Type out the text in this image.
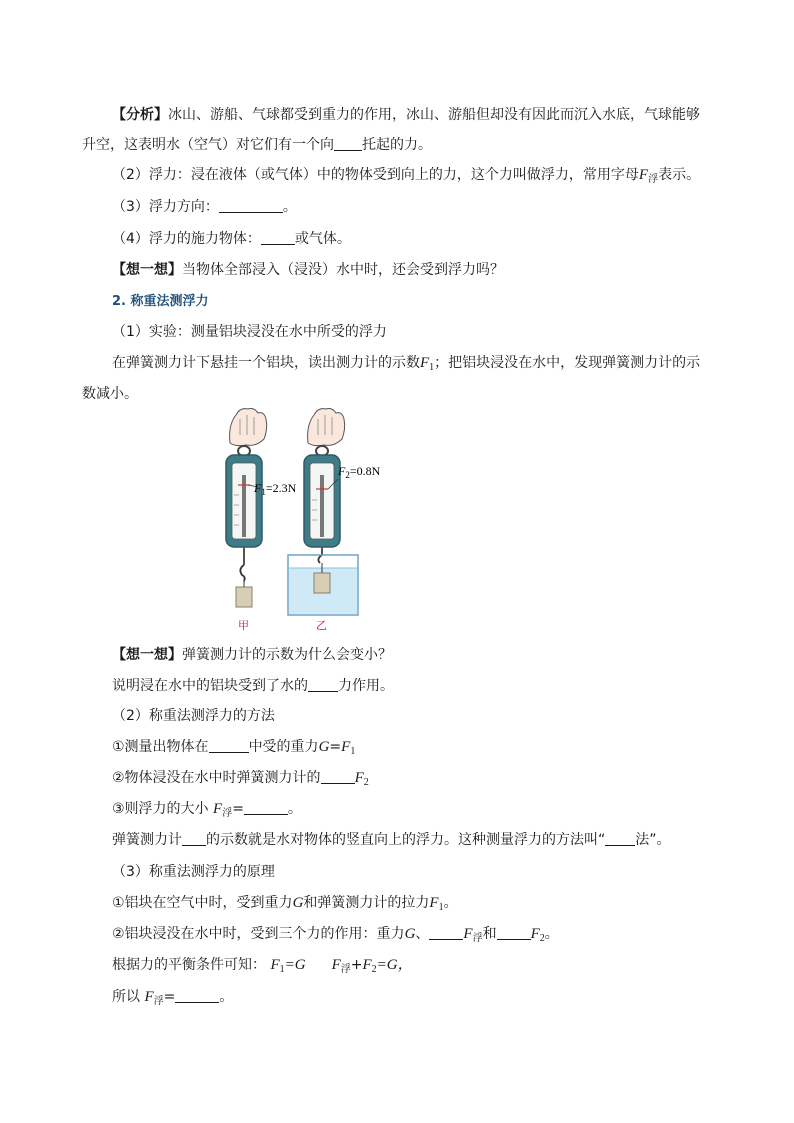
【分析】冰山、游船、气球都受到重力的作用，冰山、游船但却没有因此而沉入水底，气球能够
升空，这表明水（空气）对它们有一个向 托起的力。
（2）浮力：浸在液体（或气体）中的物体受到向上的力，这个力叫做浮力，常用字母$F_浮$表示。
（3）浮力方向：	。
（4）浮力的施力物体： 或气体。
【想一想】当物体全部浸入（浸没）水中时，还会受到浮力吗？
2. 称重法测浮力
（1）实验：测量铝块浸没在水中所受的浮力
在弹簧测力计下悬挂一个铝块，读出测力计的示数$F_1$；把铝块浸没在水中，发现弹簧测力计的示
数减小。
$F_1=2.3N$
甲
$F_2=0.8N$
乙
【想一想】弹簧测力计的示数为什么会变小？
说明浸在水中的铝块受到了水的 力作用。
（2）称重法测浮力的方法
①测量出物体在	中受的重力$G=F_1$
②物体浸没在水中时弹簧测力计的 $F_2$
③则浮力的大小 $F_浮=$	。
弹簧测力计 的示数就是水对物体的竖直向上的浮力。这种测量浮力的方法叫“ 法”。
（3）称重法测浮力的原理
①铝块在空气中时，受到重力G和弹簧测力计的拉力$F_1$。
②铝块浸没在水中时，受到三个力的作用：重力G、 $F_浮$和 $F_2$。
根据力的平衡条件可知： $F_1=G$ $F_浮+F_2=G$，
所以 $F_浮=$	。
